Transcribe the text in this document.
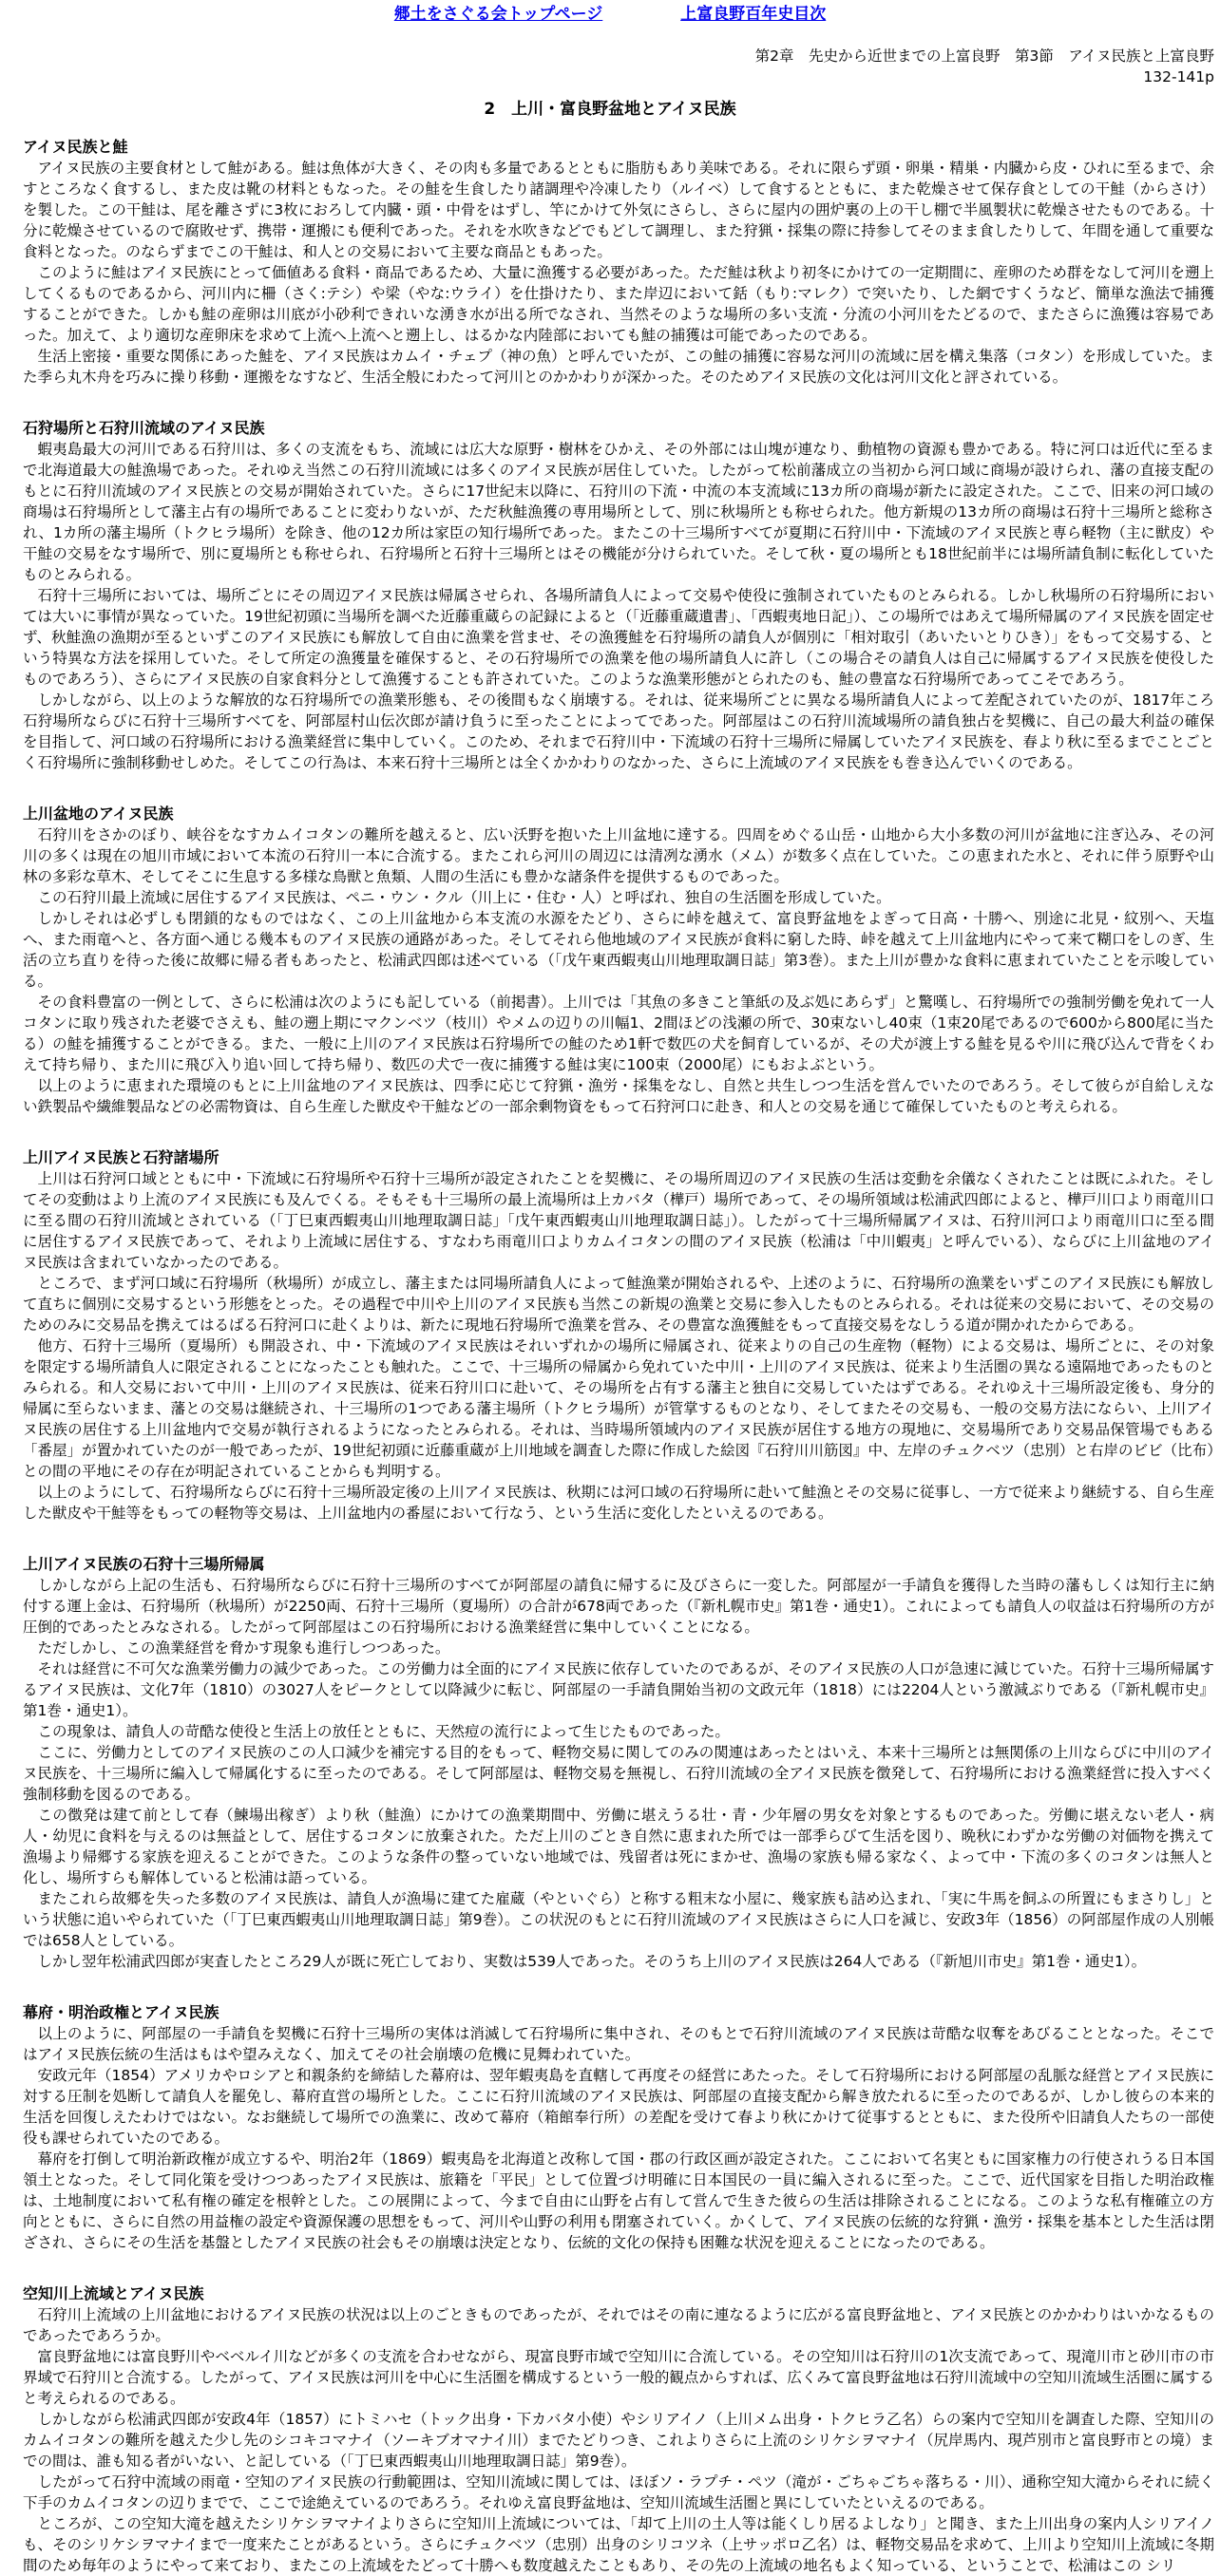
郷土をさぐる会トップページ	上富良野百年史目次
第2章　先史から近世までの上富良野　第3節　アイヌ民族と上富良野
132-141p
2　上川・富良野盆地とアイヌ民族
アイヌ民族と鮭

アイヌ民族の主要食材として鮭がある。鮭は魚体が大きく、その肉も多量であるとともに脂肪もあり美味である。それに限らず頭・卵巣・精巣・内臓から皮・ひれに至るまで、余すところなく食するし、また皮は靴の材料ともなった。その鮭を生食したり諸調理や冷凍したり（ルイベ）して食するとともに、また乾燥させて保存食としての干鮭（からさけ）を製した。この干鮭は、尾を離さずに3枚におろして内臓・頭・中骨をはずし、竿にかけて外気にさらし、さらに屋内の囲炉裏の上の干し棚で半風製状に乾燥させたものである。十分に乾燥させているので腐敗せず、携帯・運搬にも便利であった。それを水吹きなどでもどして調理し、また狩猟・採集の際に持参してそのまま食したりして、年間を通して重要な食料となった。のならずまでこの干鮭は、和人との交易において主要な商品ともあった。

このように鮭はアイヌ民族にとって価値ある食料・商品であるため、大量に漁獲する必要があった。ただ鮭は秋より初冬にかけての一定期間に、産卵のため群をなして河川を遡上してくるものであるから、河川内に柵（さく:テシ）や梁（やな:ウライ）を仕掛けたり、また岸辺において銛（もり:マレク）で突いたり、した網ですくうなど、簡単な漁法で捕獲することができた。しかも鮭の産卵は川底が小砂利できれいな湧き水が出る所でなされ、当然そのような場所の多い支流・分流の小河川をたどるので、またさらに漁獲は容易であった。加えて、より適切な産卵床を求めて上流へ上流へと遡上し、はるかな内陸部においても鮭の捕獲は可能であったのである。

生活上密接・重要な関係にあった鮭を、アイヌ民族はカムイ・チェプ（神の魚）と呼んでいたが、この鮭の捕獲に容易な河川の流域に居を構え集落（コタン）を形成していた。また季ら丸木舟を巧みに操り移動・運搬をなすなど、生活全般にわたって河川とのかかわりが深かった。そのためアイヌ民族の文化は河川文化と評されている。

石狩場所と石狩川流域のアイヌ民族

蝦夷島最大の河川である石狩川は、多くの支流をもち、流域には広大な原野・樹林をひかえ、その外部には山塊が連なり、動植物の資源も豊かである。特に河口は近代に至るまで北海道最大の鮭漁場であった。それゆえ当然この石狩川流域には多くのアイヌ民族が居住していた。したがって松前藩成立の当初から河口域に商場が設けられ、藩の直接支配のもとに石狩川流域のアイヌ民族との交易が開始されていた。さらに17世紀末以降に、石狩川の下流・中流の本支流域に13カ所の商場が新たに設定された。ここで、旧来の河口域の商場は石狩場所として藩主占有の場所であることに変わりないが、ただ秋鮭漁獲の専用場所として、別に秋場所とも称せられた。他方新規の13カ所の商場は石狩十三場所と総称され、1カ所の藩主場所（トクヒラ場所）を除き、他の12カ所は家臣の知行場所であった。またこの十三場所すべてが夏期に石狩川中・下流域のアイヌ民族と専ら軽物（主に獣皮）や干鮭の交易をなす場所で、別に夏場所とも称せられ、石狩場所と石狩十三場所とはその機能が分けられていた。そして秋・夏の場所とも18世紀前半には場所請負制に転化していたものとみられる。

石狩十三場所においては、場所ごとにその周辺アイヌ民族は帰属させられ、各場所請負人によって交易や使役に強制されていたものとみられる。しかし秋場所の石狩場所においては大いに事情が異なっていた。19世紀初頭に当場所を調べた近藤重蔵らの記録によると（「近藤重蔵遺書」、「西蝦夷地日記」）、この場所ではあえて場所帰属のアイヌ民族を固定せず、秋鮭漁の漁期が至るといずこのアイヌ民族にも解放して自由に漁業を営ませ、その漁獲鮭を石狩場所の請負人が個別に「相対取引（あいたいとりひき）」をもって交易する、という特異な方法を採用していた。そして所定の漁獲量を確保すると、その石狩場所での漁業を他の場所請負人に許し（この場合その請負人は自己に帰属するアイヌ民族を使役したものであろう）、さらにアイヌ民族の自家食料分として漁獲することも許されていた。このような漁業形態がとられたのも、鮭の豊富な石狩場所であってこそであろう。

しかしながら、以上のような解放的な石狩場所での漁業形態も、その後間もなく崩壊する。それは、従来場所ごとに異なる場所請負人によって差配されていたのが、1817年ころ石狩場所ならびに石狩十三場所すべてを、阿部屋村山伝次郎が請け負うに至ったことによってであった。阿部屋はこの石狩川流域場所の請負独占を契機に、自己の最大利益の確保を目指して、河口域の石狩場所における漁業経営に集中していく。このため、それまで石狩川中・下流域の石狩十三場所に帰属していたアイヌ民族を、春より秋に至るまでことごとく石狩場所に強制移動せしめた。そしてこの行為は、本来石狩十三場所とは全くかかわりのなかった、さらに上流域のアイヌ民族をも巻き込んでいくのである。

上川盆地のアイヌ民族

石狩川をさかのぼり、峡谷をなすカムイコタンの難所を越えると、広い沃野を抱いた上川盆地に達する。四周をめぐる山岳・山地から大小多数の河川が盆地に注ぎ込み、その河川の多くは現在の旭川市域において本流の石狩川一本に合流する。またこれら河川の周辺には清冽な湧水（メム）が数多く点在していた。この恵まれた水と、それに伴う原野や山林の多彩な草木、そしてそこに生息する多様な鳥獣と魚類、人間の生活にも豊かな諸条件を提供するものであった。

この石狩川最上流域に居住するアイヌ民族は、ペニ・ウン・クル（川上に・住む・人）と呼ばれ、独自の生活圏を形成していた。

しかしそれは必ずしも閉鎖的なものではなく、この上川盆地から本支流の水源をたどり、さらに峠を越えて、富良野盆地をよぎって日高・十勝へ、別途に北見・紋別へ、天塩へ、また雨竜へと、各方面へ通じる幾本ものアイヌ民族の通路があった。そしてそれら他地域のアイヌ民族が食料に窮した時、峠を越えて上川盆地内にやって来て糊口をしのぎ、生活の立ち直りを待った後に故郷に帰る者もあったと、松浦武四郎は述べている（「戊午東西蝦夷山川地理取調日誌」第3巻）。また上川が豊かな食料に恵まれていたことを示唆している。

その食料豊富の一例として、さらに松浦は次のようにも記している（前掲書）。上川では「其魚の多きこと筆紙の及ぶ処にあらず」と驚嘆し、石狩場所での強制労働を免れて一人コタンに取り残された老婆でさえも、鮭の遡上期にマクンベツ（枝川）やメムの辺りの川幅1、2間ほどの浅瀬の所で、30束ないし40束（1束20尾であるので600から800尾に当たる）の鮭を捕獲することができる。また、一般に上川のアイヌ民族は石狩場所での鮭のため1軒で数匹の犬を飼育しているが、その犬が渡上する鮭を見るや川に飛び込んで背をくわえて持ち帰り、また川に飛び入り追い回して持ち帰り、数匹の犬で一夜に捕獲する鮭は実に100束（2000尾）にもおよぶという。

以上のように恵まれた環境のもとに上川盆地のアイヌ民族は、四季に応じて狩猟・漁労・採集をなし、自然と共生しつつ生活を営んでいたのであろう。そして彼らが自給しえない鉄製品や繊維製品などの必需物資は、自ら生産した獣皮や干鮭などの一部余剰物資をもって石狩河口に赴き、和人との交易を通じて確保していたものと考えられる。

上川アイヌ民族と石狩諸場所

上川は石狩河口域とともに中・下流域に石狩場所や石狩十三場所が設定されたことを契機に、その場所周辺のアイヌ民族の生活は変動を余儀なくされたことは既にふれた。そしてその変動はより上流のアイヌ民族にも及んでくる。そもそも十三場所の最上流場所は上カバタ（樺戸）場所であって、その場所領域は松浦武四郎によると、樺戸川口より雨竜川口に至る間の石狩川流域とされている（「丁巳東西蝦夷山川地理取調日誌」「戊午東西蝦夷山川地理取調日誌」）。したがって十三場所帰属アイヌは、石狩川河口より雨竜川口に至る間に居住するアイヌ民族であって、それより上流域に居住する、すなわち雨竜川口よりカムイコタンの間のアイヌ民族（松浦は「中川蝦夷」と呼んでいる）、ならびに上川盆地のアイヌ民族は含まれていなかったのである。

ところで、まず河口域に石狩場所（秋場所）が成立し、藩主または同場所請負人によって鮭漁業が開始されるや、上述のように、石狩場所の漁業をいずこのアイヌ民族にも解放して直ちに個別に交易するという形態をとった。その過程で中川や上川のアイヌ民族も当然この新規の漁業と交易に参入したものとみられる。それは従来の交易において、その交易のためのみに交易品を携えてはるばる石狩河口に赴くよりは、新たに現地石狩場所で漁業を営み、その豊富な漁獲鮭をもって直接交易をなしうる道が開かれたからである。

他方、石狩十三場所（夏場所）も開設され、中・下流域のアイヌ民族はそれいずれかの場所に帰属され、従来よりの自己の生産物（軽物）による交易は、場所ごとに、その対象を限定する場所請負人に限定されることになったことも触れた。ここで、十三場所の帰属から免れていた中川・上川のアイヌ民族は、従来より生活圏の異なる遠隔地であったものとみられる。和人交易において中川・上川のアイヌ民族は、従来石狩川口に赴いて、その場所を占有する藩主と独自に交易していたはずである。それゆえ十三場所設定後も、身分的帰属に至らないまま、藩との交易は継続され、十三場所の1つである藩主場所（トクヒラ場所）が管掌するものとなり、そしてまたその交易も、一般の交易方法にならい、上川アイヌ民族の居住する上川盆地内で交易が執行されるようになったとみられる。それは、当時場所領域内のアイヌ民族が居住する地方の現地に、交易場所であり交易品保管場でもある「番屋」が置かれていたのが一般であったが、19世紀初頭に近藤重蔵が上川地域を調査した際に作成した絵図『石狩川川筋図』中、左岸のチュクベツ（忠別）と右岸のビビ（比布）との間の平地にその存在が明記されていることからも判明する。

以上のようにして、石狩場所ならびに石狩十三場所設定後の上川アイヌ民族は、秋期には河口域の石狩場所に赴いて鮭漁とその交易に従事し、一方で従来より継続する、自ら生産した獣皮や干鮭等をもっての軽物等交易は、上川盆地内の番屋において行なう、という生活に変化したといえるのである。

上川アイヌ民族の石狩十三場所帰属

しかしながら上記の生活も、石狩場所ならびに石狩十三場所のすべてが阿部屋の請負に帰するに及びさらに一変した。阿部屋が一手請負を獲得した当時の藩もしくは知行主に納付する運上金は、石狩場所（秋場所）が2250両、石狩十三場所（夏場所）の合計が678両であった（『新札幌市史』第1巻・通史1）。これによっても請負人の収益は石狩場所の方が圧倒的であったとみなされる。したがって阿部屋はこの石狩場所における漁業経営に集中していくことになる。

ただしかし、この漁業経営を脅かす現象も進行しつつあった。

それは経営に不可欠な漁業労働力の減少であった。この労働力は全面的にアイヌ民族に依存していたのであるが、そのアイヌ民族の人口が急速に減じていた。石狩十三場所帰属するアイヌ民族は、文化7年（1810）の3027人をピークとして以降減少に転じ、阿部屋の一手請負開始当初の文政元年（1818）には2204人という激減ぶりである（『新札幌市史』第1巻・通史1）。

この現象は、請負人の苛酷な使役と生活上の放任とともに、天然痘の流行によって生じたものであった。

ここに、労働力としてのアイヌ民族のこの人口減少を補完する目的をもって、軽物交易に関してのみの関連はあったとはいえ、本来十三場所とは無関係の上川ならびに中川のアイヌ民族を、十三場所に編入して帰属化するに至ったのである。そして阿部屋は、軽物交易を無視し、石狩川流域の全アイヌ民族を徴発して、石狩場所における漁業経営に投入すべく強制移動を図るのである。

この徴発は建て前として春（鰊場出稼ぎ）より秋（鮭漁）にかけての漁業期間中、労働に堪えうる壮・青・少年層の男女を対象とするものであった。労働に堪えない老人・病人・幼児に食料を与えるのは無益として、居住するコタンに放棄された。ただ上川のごとき自然に恵まれた所では一部季らびて生活を図り、晩秋にわずかな労働の対価物を携えて漁場より帰郷する家族を迎えることができた。このような条件の整っていない地域では、残留者は死にまかせ、漁場の家族も帰る家なく、よって中・下流の多くのコタンは無人と化し、場所すらも解体していると松浦は語っている。

またこれら故郷を失った多数のアイヌ民族は、請負人が漁場に建てた雇蔵（やといぐら）と称する粗末な小屋に、幾家族も詰め込まれ、「実に牛馬を飼ふの所置にもまさりし」という状態に追いやられていた（「丁巳東西蝦夷山川地理取調日誌」第9巻）。この状況のもとに石狩川流域のアイヌ民族はさらに人口を減じ、安政3年（1856）の阿部屋作成の人別帳では658人としている。

しかし翌年松浦武四郎が実査したところ29人が既に死亡しており、実数は539人であった。そのうち上川のアイヌ民族は264人である（『新旭川市史』第1巻・通史1）。

幕府・明治政権とアイヌ民族

以上のように、阿部屋の一手請負を契機に石狩十三場所の実体は消滅して石狩場所に集中され、そのもとで石狩川流域のアイヌ民族は苛酷な収奪をあびることとなった。そこではアイヌ民族伝統の生活はもはや望みえなく、加えてその社会崩壊の危機に見舞われていた。

安政元年（1854）アメリカやロシアと和親条約を締結した幕府は、翌年蝦夷島を直轄して再度その経営にあたった。そして石狩場所における阿部屋の乱脈な経営とアイヌ民族に対する圧制を処断して請負人を罷免し、幕府直営の場所とした。ここに石狩川流域のアイヌ民族は、阿部屋の直接支配から解き放たれるに至ったのであるが、しかし彼らの本来的生活を回復しえたわけではない。なお継続して場所での漁業に、改めて幕府（箱館奉行所）の差配を受けて春より秋にかけて従事するとともに、また役所や旧請負人たちの一部使役も課せられていたのである。

幕府を打倒して明治新政権が成立するや、明治2年（1869）蝦夷島を北海道と改称して国・郡の行政区画が設定された。ここにおいて名実ともに国家権力の行使されうる日本国領土となった。そして同化策を受けつつあったアイヌ民族は、旅籍を「平民」として位置づけ明確に日本国民の一員に編入されるに至った。ここで、近代国家を目指した明治政権は、土地制度において私有権の確定を根幹とした。この展開によって、今まで自由に山野を占有して営んで生きた彼らの生活は排除されることになる。このような私有権確立の方向とともに、さらに自然の用益権の設定や資源保護の思想をもって、河川や山野の利用も閉塞されていく。かくして、アイヌ民族の伝統的な狩猟・漁労・採集を基本とした生活は閉ざされ、さらにその生活を基盤としたアイヌ民族の社会もその崩壊は決定となり、伝統的文化の保持も困難な状況を迎えることになったのである。

空知川上流域とアイヌ民族

石狩川上流域の上川盆地におけるアイヌ民族の状況は以上のごときものであったが、それではその南に連なるように広がる富良野盆地と、アイヌ民族とのかかわりはいかなるものであったであろうか。

富良野盆地には富良野川やベベルイ川などが多くの支流を合わせながら、現富良野市域で空知川に合流している。その空知川は石狩川の1次支流であって、現滝川市と砂川市の市界域で石狩川と合流する。したがって、アイヌ民族は河川を中心に生活圏を構成するという一般的観点からすれば、広くみて富良野盆地は石狩川流域中の空知川流域生活圏に属すると考えられるのである。

しかしながら松浦武四郎が安政4年（1857）にトミハセ（トック出身・下カバタ小使）やシリアイノ（上川メム出身・トクヒラ乙名）らの案内で空知川を調査した際、空知川のカムイコタンの難所を越えた少し先のシコキコマナイ（ソーキブオマナイ川）までたどりつき、これよりさらに上流のシリケシヲマナイ（尻岸馬内、現芦別市と富良野市との境）までの間は、誰も知る者がいない、と記している（「丁巳東西蝦夷山川地理取調日誌」第9巻）。

したがって石狩中流域の雨竜・空知のアイヌ民族の行動範囲は、空知川流域に関しては、ほぼソ・ラプチ・ペツ（滝が・ごちゃごちゃ落ちる・川）、通称空知大滝からそれに続く下手のカムイコタンの辺りまでで、ここで途絶えているのであろう。それゆえ富良野盆地は、空知川流域生活圏と異にしていたといえるのである。

ところが、この空知大滝を越えたシリケシヲマナイよりさらに空知川上流域については、「却て上川の土人等は能くしり居るよしなり」と聞き、また上川出身の案内人シリアイノも、そのシリケシヲマナイまで一度来たことがあるという。さらにチュクベツ（忠別）出身のシリコツネ（上サッポロ乙名）は、軽物交易品を求めて、上川より空知川上流域に冬期間のため毎年のようにやって来ており、またこの上流域をたどって十勝へも数度越えたこともあり、その先の上流域の地名もよく知っている、ということで、松浦はこの シリ
